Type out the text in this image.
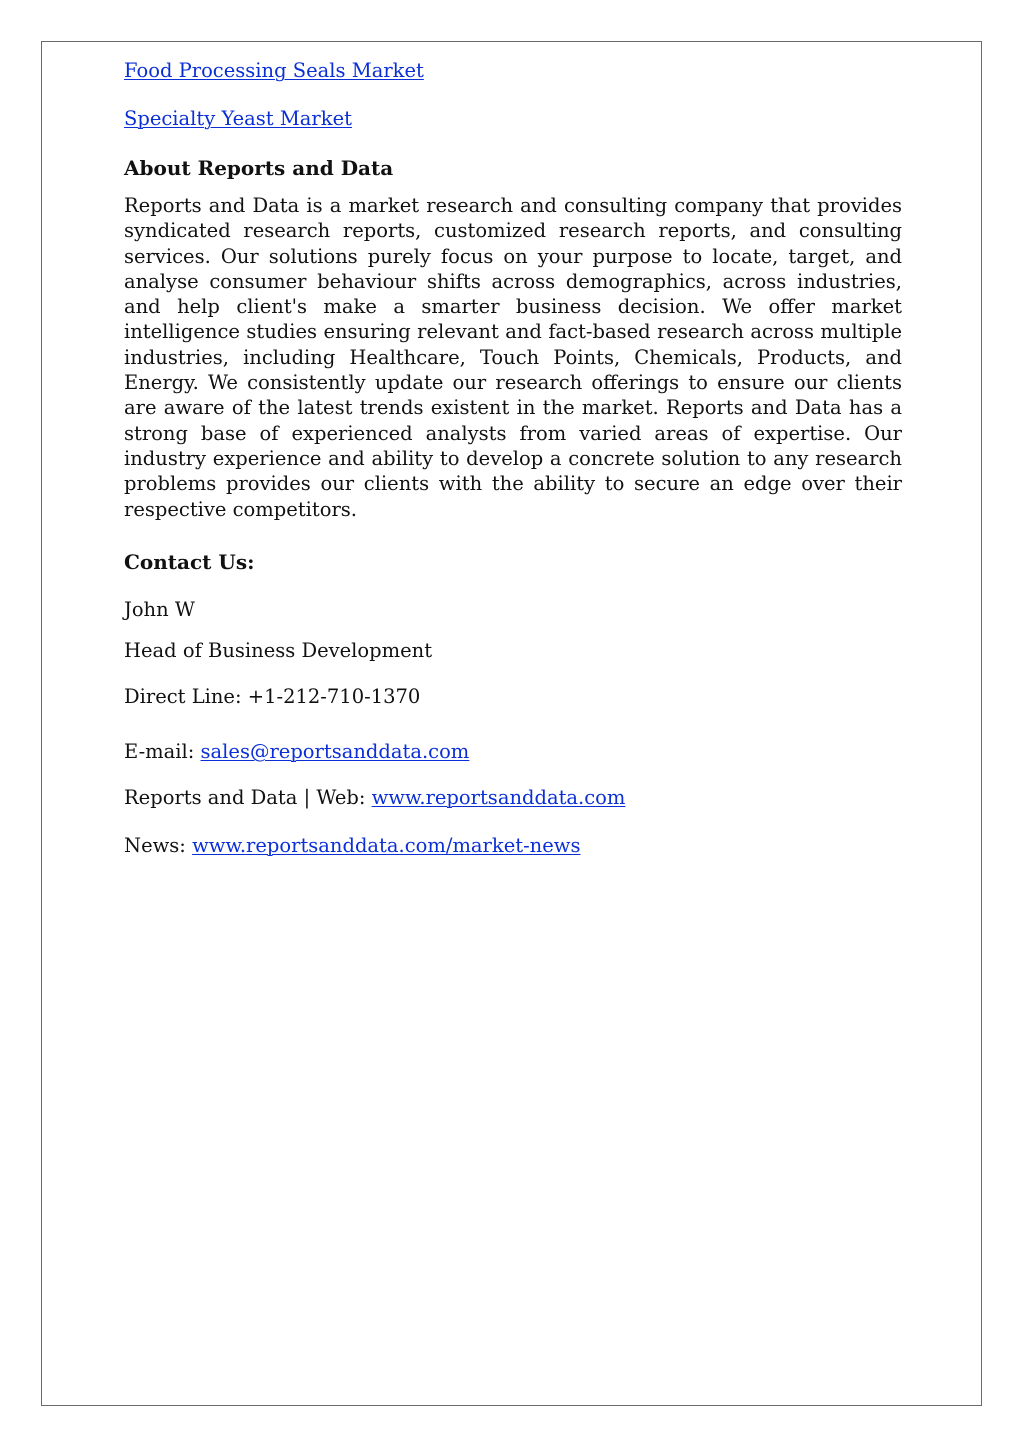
Food Processing Seals Market

Specialty Yeast Market

About Reports and Data

Reports and Data is a market research and consulting company that provides syndicated research reports, customized research reports, and consulting services. Our solutions purely focus on your purpose to locate, target, and analyse consumer behaviour shifts across demographics, across industries, and help client's make a smarter business decision. We offer market intelligence studies ensuring relevant and fact-based research across multiple industries, including Healthcare, Touch Points, Chemicals, Products, and Energy. We consistently update our research offerings to ensure our clients are aware of the latest trends existent in the market. Reports and Data has a strong base of experienced analysts from varied areas of expertise. Our industry experience and ability to develop a concrete solution to any research problems provides our clients with the ability to secure an edge over their respective competitors.

Contact Us:

John W

Head of Business Development

Direct Line: +1-212-710-1370

E-mail: sales@reportsanddata.com

Reports and Data | Web: www.reportsanddata.com

News: www.reportsanddata.com/market-news
